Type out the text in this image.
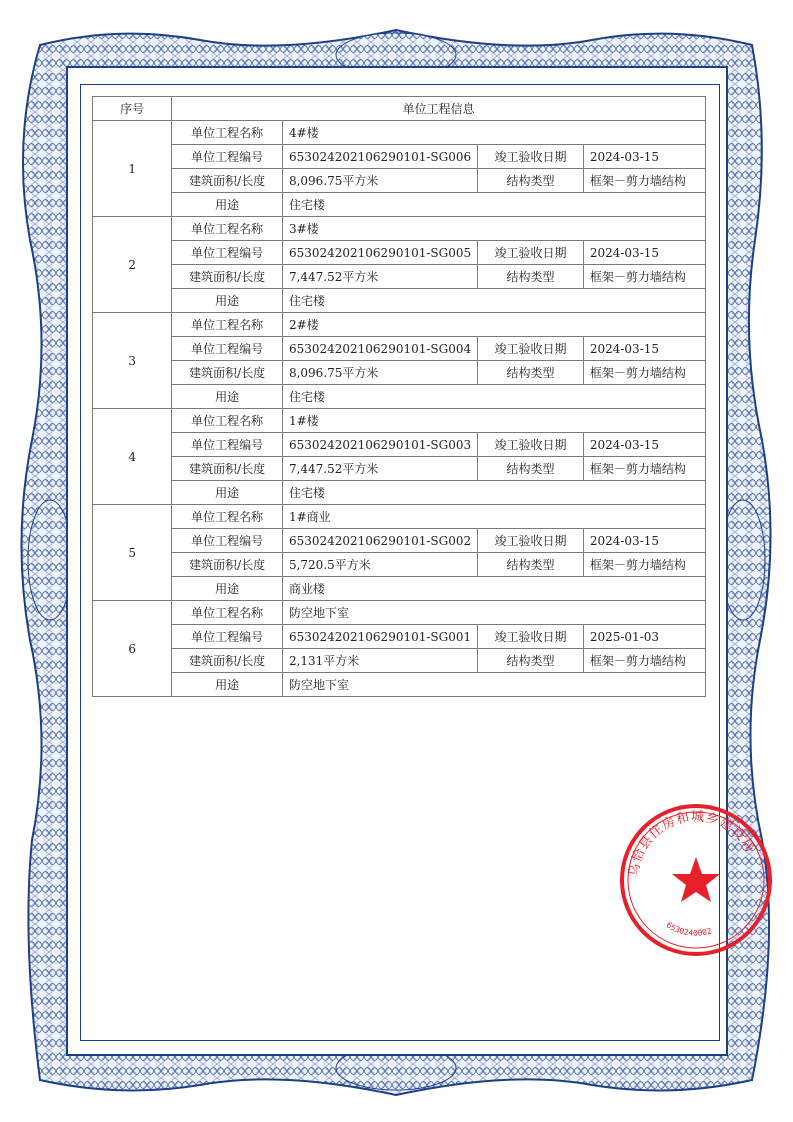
序号	单位工程信息			
1	单位工程名称	4#楼		
	单位工程编号	653024202106290101-SG006	竣工验收日期	2024-03-15
	建筑面积/长度	8,096.75平方米	结构类型	框架－剪力墙结构
	用途	住宅楼		
2	单位工程名称	3#楼		
	单位工程编号	653024202106290101-SG005	竣工验收日期	2024-03-15
	建筑面积/长度	7,447.52平方米	结构类型	框架－剪力墙结构
	用途	住宅楼		
3	单位工程名称	2#楼		
	单位工程编号	653024202106290101-SG004	竣工验收日期	2024-03-15
	建筑面积/长度	8,096.75平方米	结构类型	框架－剪力墙结构
	用途	住宅楼		
4	单位工程名称	1#楼		
	单位工程编号	653024202106290101-SG003	竣工验收日期	2024-03-15
	建筑面积/长度	7,447.52平方米	结构类型	框架－剪力墙结构
	用途	住宅楼		
5	单位工程名称	1#商业		
	单位工程编号	653024202106290101-SG002	竣工验收日期	2024-03-15
	建筑面积/长度	5,720.5平方米	结构类型	框架－剪力墙结构
	用途	商业楼		
6	单位工程名称	防空地下室		
	单位工程编号	653024202106290101-SG001	竣工验收日期	2025-01-03
	建筑面积/长度	2,131平方米	结构类型	框架－剪力墙结构
	用途	防空地下室		
乌恰县住房和城乡建设局
6530240002
